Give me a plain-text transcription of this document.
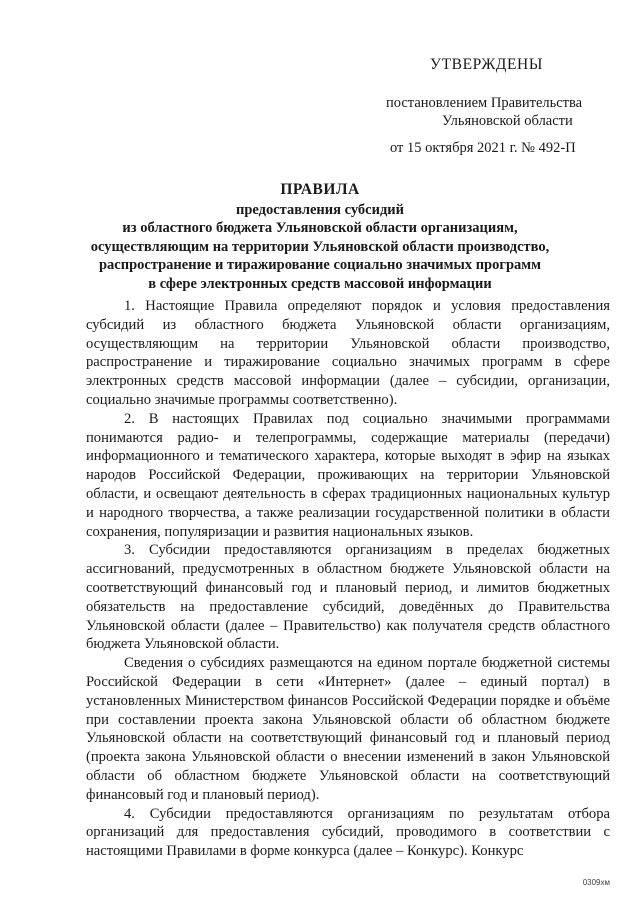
УТВЕРЖДЕНЫ
постановлением Правительства
Ульяновской области
от 15 октября 2021 г. № 492-П
ПРАВИЛА
предоставления субсидий
из областного бюджета Ульяновской области организациям,
осуществляющим на территории Ульяновской области производство,
распространение и тиражирование социально значимых программ
в сфере электронных средств массовой информации

1. Настоящие Правила определяют порядок и условия предоставления субсидий из областного бюджета Ульяновской области организациям, осуществляющим на территории Ульяновской области производство, распространение и тиражирование социально значимых программ в сфере электронных средств массовой информации (далее – субсидии, организации, социально значимые программы соответственно).

2. В настоящих Правилах под социально значимыми программами понимаются радио- и телепрограммы, содержащие материалы (передачи) информационного и тематического характера, которые выходят в эфир на языках народов Российской Федерации, проживающих на территории Ульяновской области, и освещают деятельность в сферах традиционных национальных культур и народного творчества, а также реализации государственной политики в области сохранения, популяризации и развития национальных языков.

3. Субсидии предоставляются организациям в пределах бюджетных ассигнований, предусмотренных в областном бюджете Ульяновской области на соответствующий финансовый год и плановый период, и лимитов бюджетных обязательств на предоставление субсидий, доведённых до Правительства Ульяновской области (далее – Правительство) как получателя средств областного бюджета Ульяновской области.

Сведения о субсидиях размещаются на едином портале бюджетной системы Российской Федерации в сети «Интернет» (далее – единый портал) в установленных Министерством финансов Российской Федерации порядке и объёме при составлении проекта закона Ульяновской области об областном бюджете Ульяновской области на соответствующий финансовый год и плановый период (проекта закона Ульяновской области о внесении изменений в закон Ульяновской области об областном бюджете Ульяновской области на соответствующий финансовый год и плановый период).

4. Субсидии предоставляются организациям по результатам отбора организаций для предоставления субсидий, проводимого в соответствии с настоящими Правилами в форме конкурса (далее – Конкурс). Конкурс

0309хм
